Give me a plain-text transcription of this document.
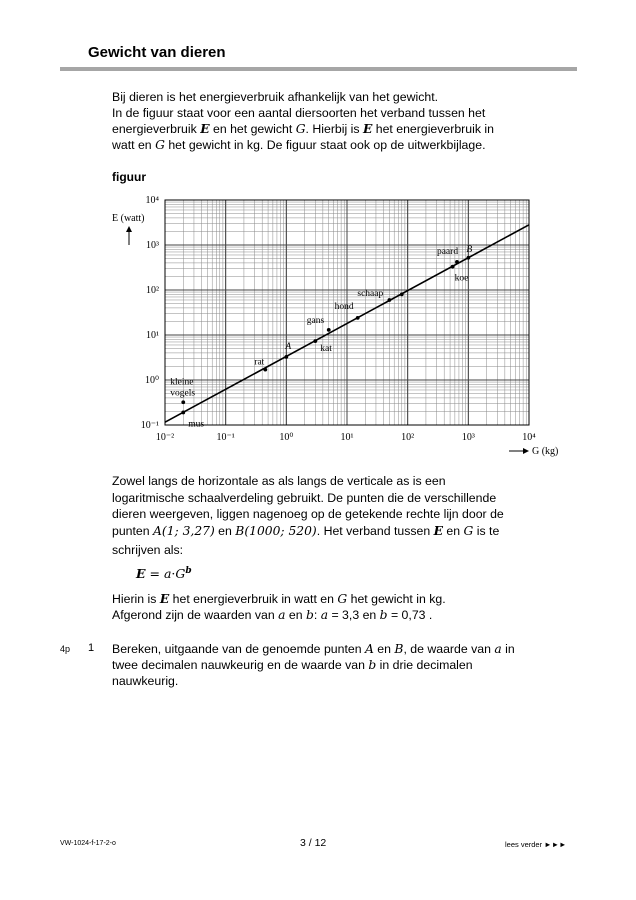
Gewicht van dieren
Bij dieren is het energieverbruik afhankelijk van het gewicht.
In de figuur staat voor een aantal diersoorten het verband tussen het
energieverbruik E en het gewicht G. Hierbij is E het energieverbruik in
watt en G het gewicht in kg. De figuur staat ook op de uitwerkbijlage.
figuur
10⁻²	10⁻¹	10⁰	10¹	10²	10³	10⁴
10⁻¹
10⁰
10¹
10²
10³
10⁴
E (watt)
G (kg)
kleine
vogels
mus
rat
A	kat
gans
hond
schaap
koe
paard B
Zowel langs de horizontale as als langs de verticale as is een
logaritmische schaalverdeling gebruikt. De punten die de verschillende
dieren weergeven, liggen nagenoeg op de getekende rechte lijn door de
punten A(1; 3,27) en B(1000; 520). Het verband tussen E en G is te
schrijven als:
$E = a\cdot G^b$
Hierin is E het energieverbruik in watt en G het gewicht in kg.
Afgerond zijn de waarden van a en b: a = 3,3 en b = 0,73 .
4p 1 Bereken, uitgaande van de genoemde punten A en B, de waarde van a in
twee decimalen nauwkeurig en de waarde van b in drie decimalen
nauwkeurig.
VW-1024-f-17-2-o	3 / 12	lees verder ►►►
